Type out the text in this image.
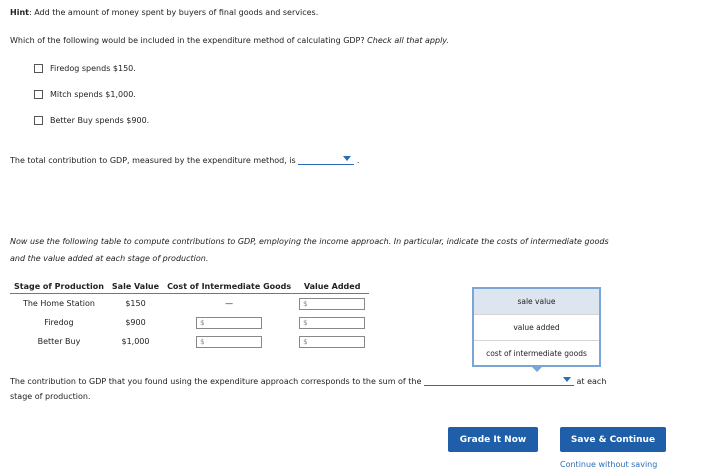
Hint: Add the amount of money spent by buyers of final goods and services.
Which of the following would be included in the expenditure method of calculating GDP? Check all that apply.
Firedog spends $150.
Mitch spends $1,000.
Better Buy spends $900.
The total contribution to GDP, measured by the expenditure method, is	.
Now use the following table to compute contributions to GDP, employing the income approach. In particular, indicate the costs of intermediate goods
and the value added at each stage of production.
Stage of Production	Sale Value	Cost of Intermediate Goods	Value Added
The Home Station	$150	—	$
Firedog	$900	$	$
Better Buy	$1,000	$	$
sale value
value added
cost of intermediate goods
The contribution to GDP that you found using the expenditure approach corresponds to the sum of the	at each
stage of production.
Grade It Now	Save & Continue
Continue without saving
